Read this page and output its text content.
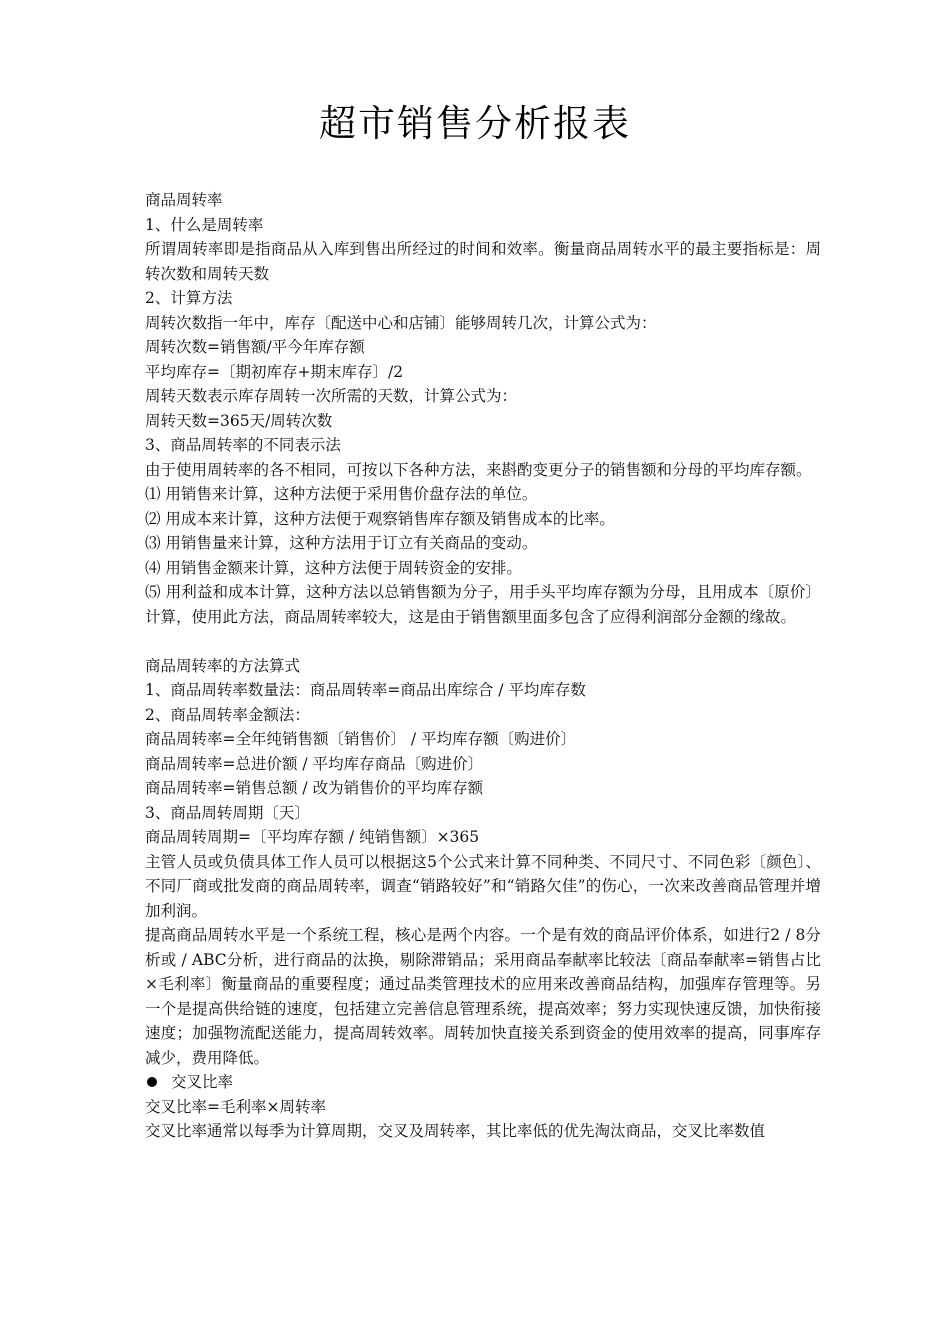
超市销售分析报表
商品周转率
1、什么是周转率
所谓周转率即是指商品从入库到售出所经过的时间和效率。衡量商品周转水平的最主要指标是：周转次数和周转天数
2、计算方法
周转次数指一年中，库存〔配送中心和店铺〕能够周转几次，计算公式为：
周转次数=销售额/平今年库存额
平均库存=〔期初库存+期末库存〕/2
周转天数表示库存周转一次所需的天数，计算公式为：
周转天数=365天/周转次数
3、商品周转率的不同表示法
由于使用周转率的各不相同，可按以下各种方法，来斟酌变更分子的销售额和分母的平均库存额。
⑴ 用销售来计算，这种方法便于采用售价盘存法的单位。
⑵ 用成本来计算，这种方法便于观察销售库存额及销售成本的比率。
⑶ 用销售量来计算，这种方法用于订立有关商品的变动。
⑷ 用销售金额来计算，这种方法便于周转资金的安排。
⑸ 用利益和成本计算，这种方法以总销售额为分子，用手头平均库存额为分母，且用成本〔原价〕计算，使用此方法，商品周转率较大，这是由于销售额里面多包含了应得利润部分金额的缘故。
商品周转率的方法算式
1、商品周转率数量法：商品周转率=商品出库综合 / 平均库存数
2、商品周转率金额法：
商品周转率=全年纯销售额〔销售价〕 / 平均库存额〔购进价〕
商品周转率=总进价额 / 平均库存商品〔购进价〕
商品周转率=销售总额 / 改为销售价的平均库存额
3、商品周转周期〔天〕
商品周转周期=〔平均库存额 / 纯销售额〕×365
主管人员或负债具体工作人员可以根据这5个公式来计算不同种类、不同尺寸、不同色彩〔颜色〕、不同厂商或批发商的商品周转率，调查“销路较好”和“销路欠佳”的伤心，一次来改善商品管理并增加利润。
提高商品周转水平是一个系统工程，核心是两个内容。一个是有效的商品评价体系，如进行2 / 8分析或 / ABC分析，进行商品的汰换，剔除滞销品；采用商品奉献率比较法〔商品奉献率=销售占比×毛利率〕衡量商品的重要程度；通过品类管理技术的应用来改善商品结构，加强库存管理等。另一个是提高供给链的速度，包括建立完善信息管理系统，提高效率；努力实现快速反馈，加快衔接速度；加强物流配送能力，提高周转效率。周转加快直接关系到资金的使用效率的提高，同事库存减少，费用降低。
交叉比率
交叉比率=毛利率×周转率
交叉比率通常以每季为计算周期，交叉及周转率，其比率低的优先淘汰商品，交叉比率数值
